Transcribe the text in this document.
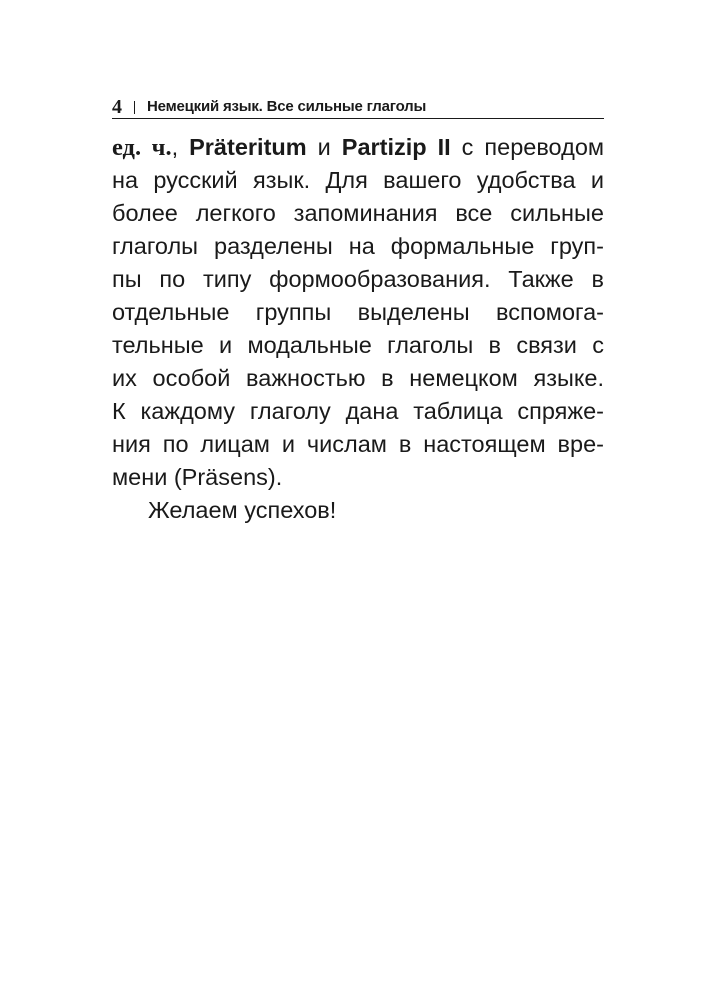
4 Немецкий язык. Все сильные глаголы
ед. ч., Präteritum и Partizip II с переводом
на русский язык. Для вашего удобства и
более легкого запоминания все сильные
глаголы разделены на формальные груп-
пы по типу формообразования. Также в
отдельные группы выделены вспомога-
тельные и модальные глаголы в связи с
их особой важностью в немецком языке.
К каждому глаголу дана таблица спряже-
ния по лицам и числам в настоящем вре-
мени (Präsens).
Желаем успехов!
